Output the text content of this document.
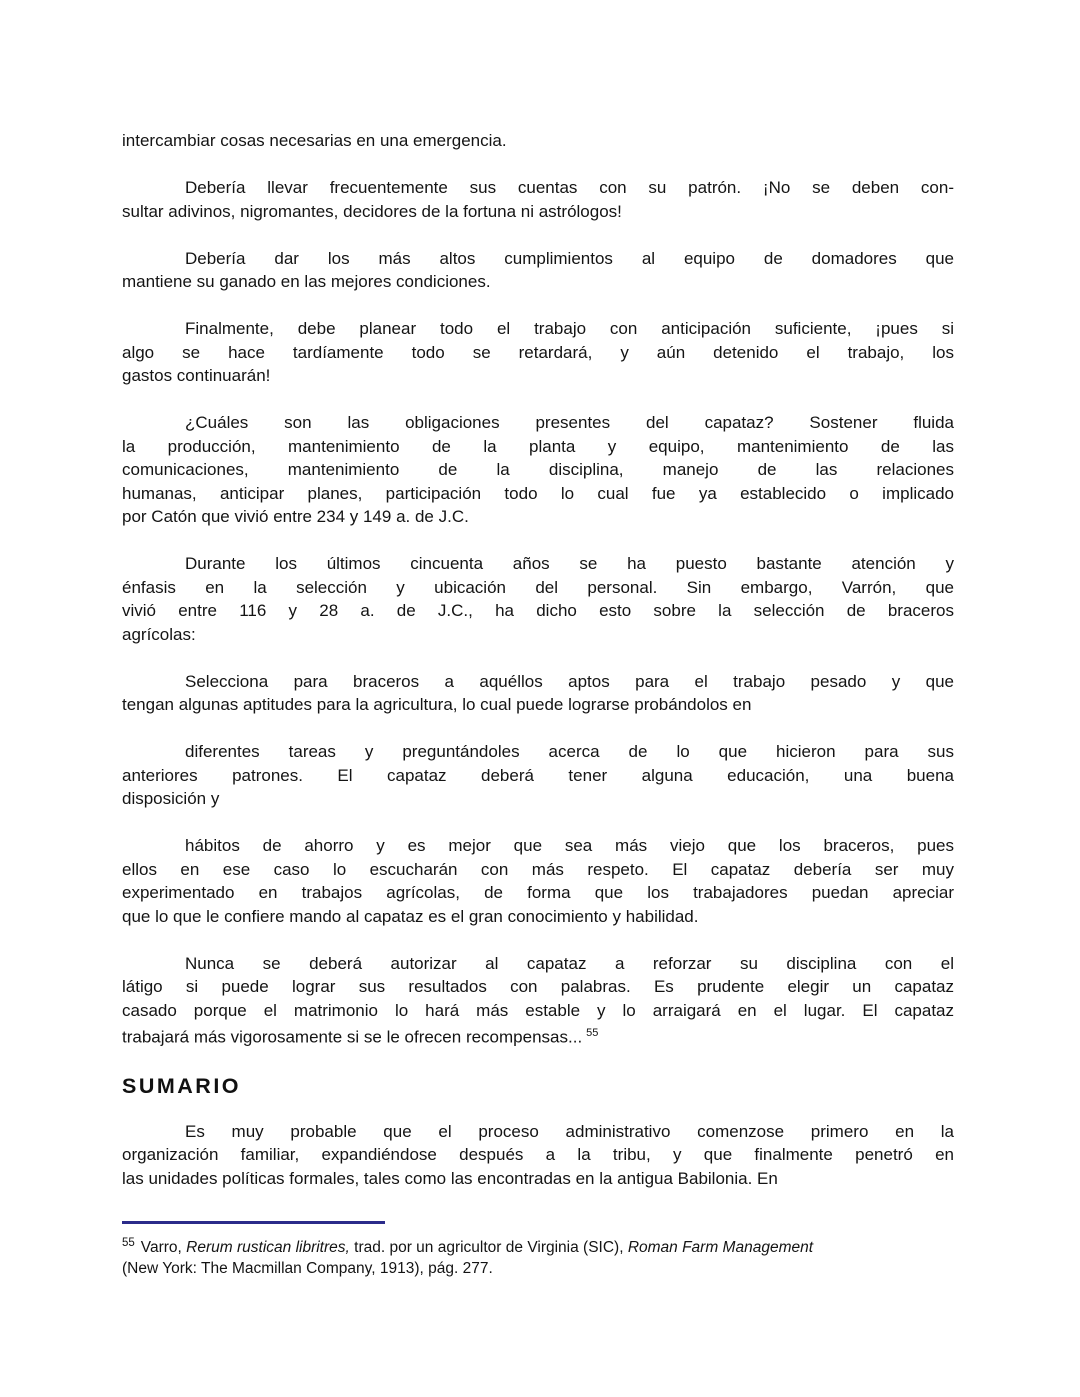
intercambiar cosas necesarias en una emergencia.

Debería llevar frecuentemente sus cuentas con su patrón. ¡No se deben con-
sultar adivinos, nigromantes, decidores de la fortuna ni astrólogos!

Debería dar los más altos cumplimientos al equipo de domadores que
mantiene su ganado en las mejores condiciones.

Finalmente, debe planear todo el trabajo con anticipación suficiente, ¡pues si
algo se hace tardíamente todo se retardará, y aún detenido el trabajo, los
gastos continuarán!

¿Cuáles son las obligaciones presentes del capataz? Sostener fluida
la producción, mantenimiento de la planta y equipo, mantenimiento de las
comunicaciones, mantenimiento de la disciplina, manejo de las relaciones
humanas, anticipar planes, participación todo lo cual fue ya establecido o implicado
por Catón que vivió entre 234 y 149 a. de J.C.

Durante los últimos cincuenta años se ha puesto bastante atención y
énfasis en la selección y ubicación del personal. Sin embargo, Varrón, que
vivió entre 116 y 28 a. de J.C., ha dicho esto sobre la selección de braceros
agrícolas:

Selecciona para braceros a aquéllos aptos para el trabajo pesado y que
tengan algunas aptitudes para la agricultura, lo cual puede lograrse probándolos en

diferentes tareas y preguntándoles acerca de lo que hicieron para sus
anteriores patrones. El capataz deberá tener alguna educación, una buena
disposición y

hábitos de ahorro y es mejor que sea más viejo que los braceros, pues
ellos en ese caso lo escucharán con más respeto. El capataz debería ser muy
experimentado en trabajos agrícolas, de forma que los trabajadores puedan apreciar
que lo que le confiere mando al capataz es el gran conocimiento y habilidad.

Nunca se deberá autorizar al capataz a reforzar su disciplina con el
látigo si puede lograr sus resultados con palabras. Es prudente elegir un capataz
casado porque el matrimonio lo hará más estable y lo arraigará en el lugar. El capataz
trabajará más vigorosamente si se le ofrecen recompensas... $^{55}$

SUMARIO

Es muy probable que el proceso administrativo comenzose primero en la
organización familiar, expandiéndose después a la tribu, y que finalmente penetró en
las unidades políticas formales, tales como las encontradas en la antigua Babilonia. En

$^{55}$ Varro, Rerum rustican libritres, trad. por un agricultor de Virginia (SIC), Roman Farm Management
(New York: The Macmillan Company, 1913), pág. 277.
